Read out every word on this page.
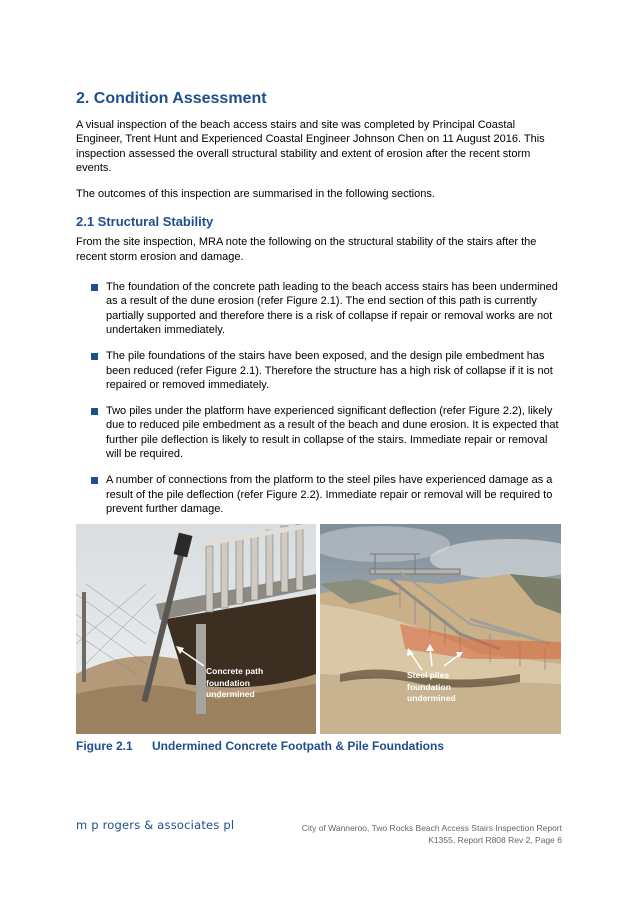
2. Condition Assessment

A visual inspection of the beach access stairs and site was completed by Principal Coastal Engineer, Trent Hunt and Experienced Coastal Engineer Johnson Chen on 11 August 2016. This inspection assessed the overall structural stability and extent of erosion after the recent storm events.

The outcomes of this inspection are summarised in the following sections.

2.1 Structural Stability

From the site inspection, MRA note the following on the structural stability of the stairs after the recent storm erosion and damage.

The foundation of the concrete path leading to the beach access stairs has been undermined as a result of the dune erosion (refer Figure 2.1). The end section of this path is currently partially supported and therefore there is a risk of collapse if repair or removal works are not undertaken immediately.
The pile foundations of the stairs have been exposed, and the design pile embedment has been reduced (refer Figure 2.1). Therefore the structure has a high risk of collapse if it is not repaired or removed immediately.
Two piles under the platform have experienced significant deflection (refer Figure 2.2), likely due to reduced pile embedment as a result of the beach and dune erosion. It is expected that further pile deflection is likely to result in collapse of the stairs. Immediate repair or removal will be required.
A number of connections from the platform to the steel piles have experienced damage as a result of the pile deflection (refer Figure 2.2). Immediate repair or removal will be required to prevent further damage.
Concrete path
foundation
undermined
Steel piles
foundation
undermined
Figure 2.1 Undermined Concrete Footpath & Pile Foundations
m p rogers & associates pl	City of Wanneroo, Two Rocks Beach Access Stairs Inspection Report
K1355, Report R808 Rev 2, Page 6
